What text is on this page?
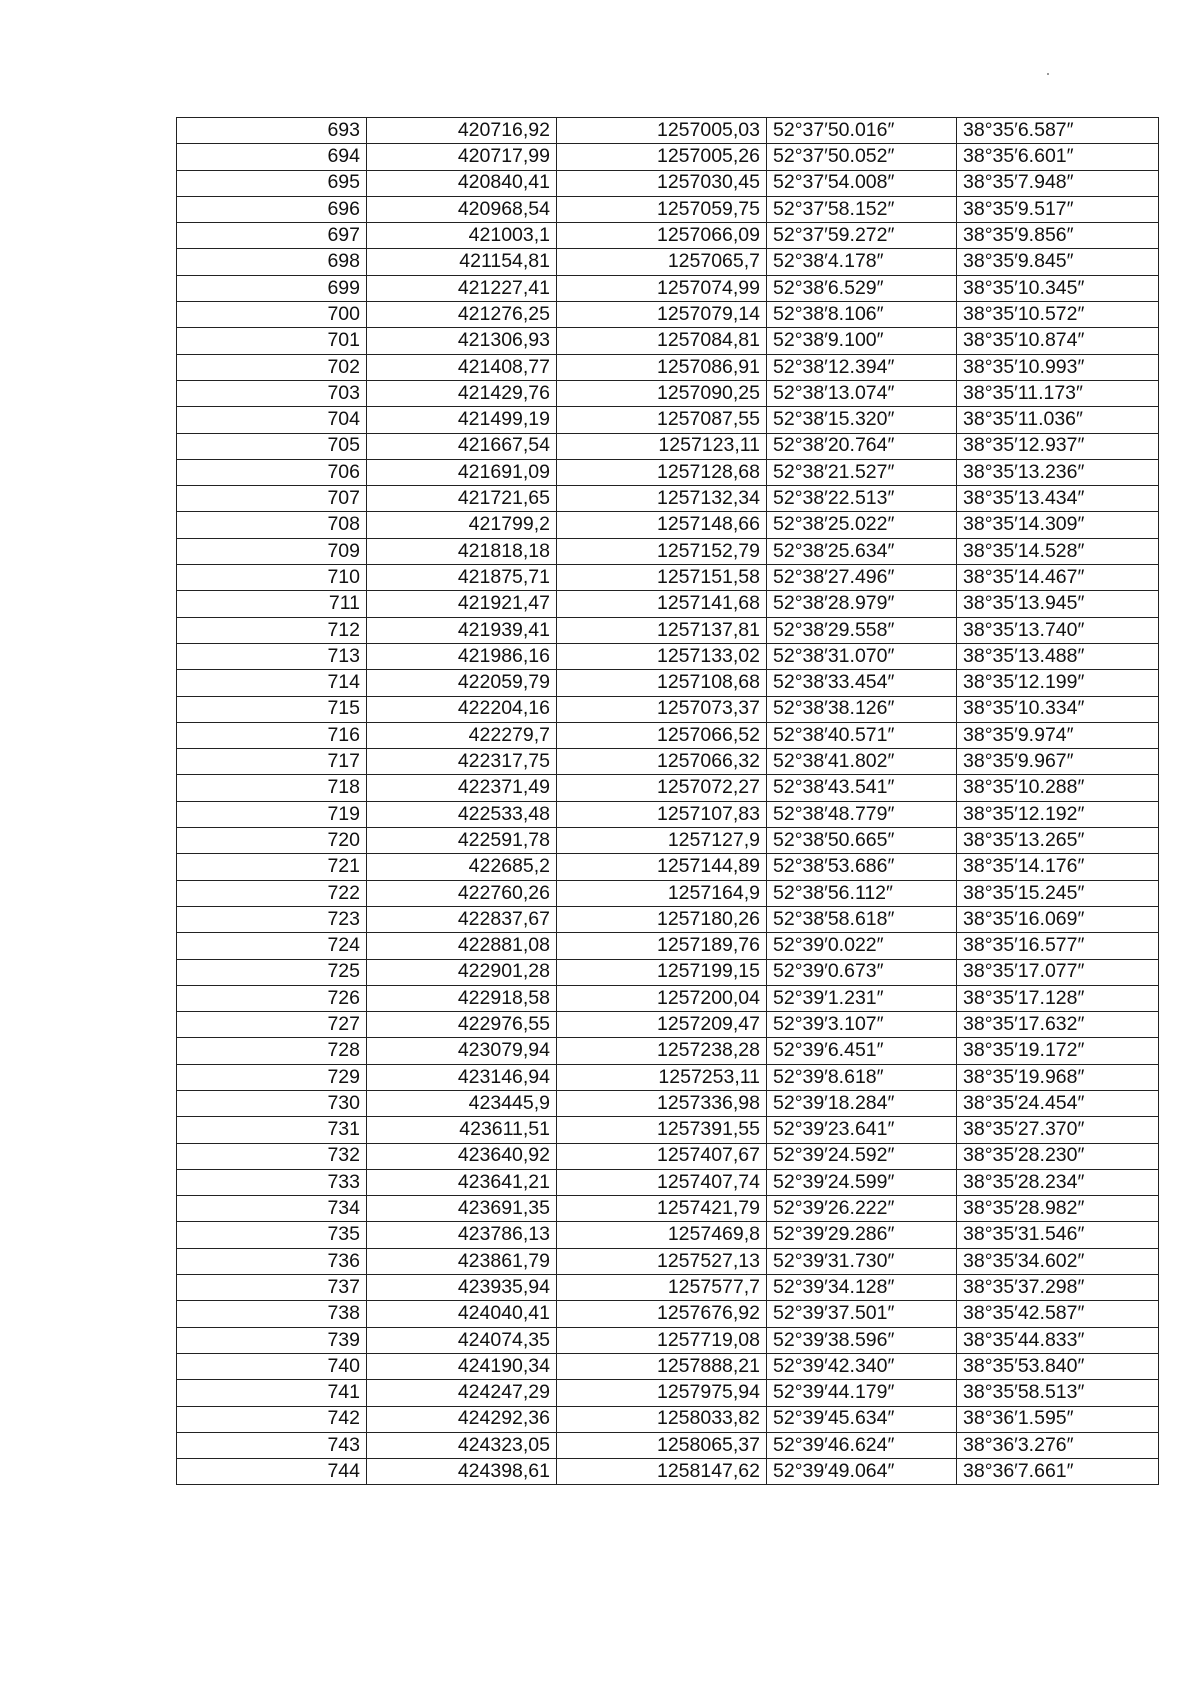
693	420716,92	1257005,03	52°37′50.016″	38°35′6.587″
694	420717,99	1257005,26	52°37′50.052″	38°35′6.601″
695	420840,41	1257030,45	52°37′54.008″	38°35′7.948″
696	420968,54	1257059,75	52°37′58.152″	38°35′9.517″
697	421003,1	1257066,09	52°37′59.272″	38°35′9.856″
698	421154,81	1257065,7	52°38′4.178″	38°35′9.845″
699	421227,41	1257074,99	52°38′6.529″	38°35′10.345″
700	421276,25	1257079,14	52°38′8.106″	38°35′10.572″
701	421306,93	1257084,81	52°38′9.100″	38°35′10.874″
702	421408,77	1257086,91	52°38′12.394″	38°35′10.993″
703	421429,76	1257090,25	52°38′13.074″	38°35′11.173″
704	421499,19	1257087,55	52°38′15.320″	38°35′11.036″
705	421667,54	1257123,11	52°38′20.764″	38°35′12.937″
706	421691,09	1257128,68	52°38′21.527″	38°35′13.236″
707	421721,65	1257132,34	52°38′22.513″	38°35′13.434″
708	421799,2	1257148,66	52°38′25.022″	38°35′14.309″
709	421818,18	1257152,79	52°38′25.634″	38°35′14.528″
710	421875,71	1257151,58	52°38′27.496″	38°35′14.467″
711	421921,47	1257141,68	52°38′28.979″	38°35′13.945″
712	421939,41	1257137,81	52°38′29.558″	38°35′13.740″
713	421986,16	1257133,02	52°38′31.070″	38°35′13.488″
714	422059,79	1257108,68	52°38′33.454″	38°35′12.199″
715	422204,16	1257073,37	52°38′38.126″	38°35′10.334″
716	422279,7	1257066,52	52°38′40.571″	38°35′9.974″
717	422317,75	1257066,32	52°38′41.802″	38°35′9.967″
718	422371,49	1257072,27	52°38′43.541″	38°35′10.288″
719	422533,48	1257107,83	52°38′48.779″	38°35′12.192″
720	422591,78	1257127,9	52°38′50.665″	38°35′13.265″
721	422685,2	1257144,89	52°38′53.686″	38°35′14.176″
722	422760,26	1257164,9	52°38′56.112″	38°35′15.245″
723	422837,67	1257180,26	52°38′58.618″	38°35′16.069″
724	422881,08	1257189,76	52°39′0.022″	38°35′16.577″
725	422901,28	1257199,15	52°39′0.673″	38°35′17.077″
726	422918,58	1257200,04	52°39′1.231″	38°35′17.128″
727	422976,55	1257209,47	52°39′3.107″	38°35′17.632″
728	423079,94	1257238,28	52°39′6.451″	38°35′19.172″
729	423146,94	1257253,11	52°39′8.618″	38°35′19.968″
730	423445,9	1257336,98	52°39′18.284″	38°35′24.454″
731	423611,51	1257391,55	52°39′23.641″	38°35′27.370″
732	423640,92	1257407,67	52°39′24.592″	38°35′28.230″
733	423641,21	1257407,74	52°39′24.599″	38°35′28.234″
734	423691,35	1257421,79	52°39′26.222″	38°35′28.982″
735	423786,13	1257469,8	52°39′29.286″	38°35′31.546″
736	423861,79	1257527,13	52°39′31.730″	38°35′34.602″
737	423935,94	1257577,7	52°39′34.128″	38°35′37.298″
738	424040,41	1257676,92	52°39′37.501″	38°35′42.587″
739	424074,35	1257719,08	52°39′38.596″	38°35′44.833″
740	424190,34	1257888,21	52°39′42.340″	38°35′53.840″
741	424247,29	1257975,94	52°39′44.179″	38°35′58.513″
742	424292,36	1258033,82	52°39′45.634″	38°36′1.595″
743	424323,05	1258065,37	52°39′46.624″	38°36′3.276″
744	424398,61	1258147,62	52°39′49.064″	38°36′7.661″
